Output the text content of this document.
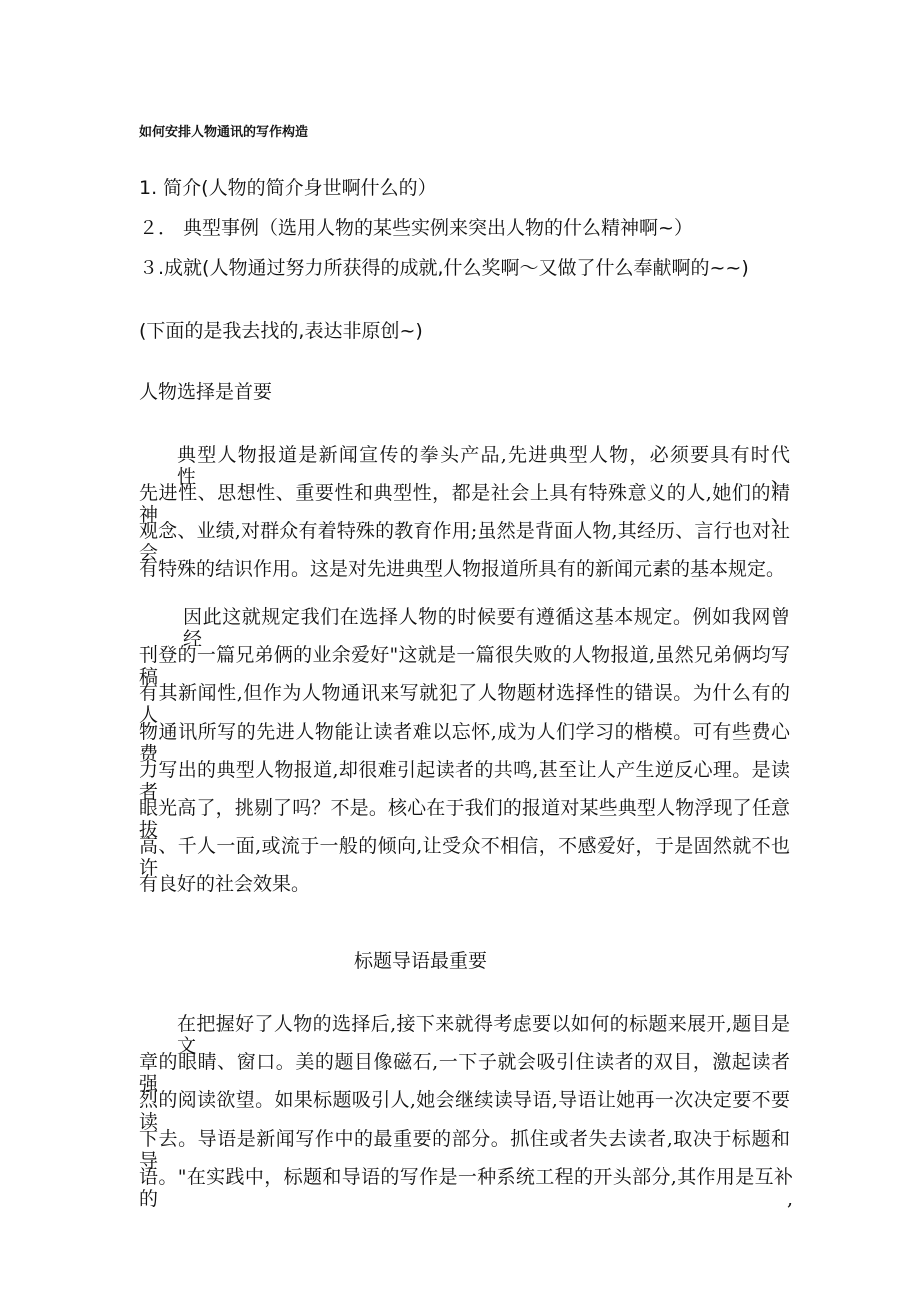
如何安排人物通讯的写作构造
1. 简介(人物的简介身世啊什么的）
２． 典型事例（选用人物的某些实例来突出人物的什么精神啊~）
３.成就(人物通过努力所获得的成就,什么奖啊～又做了什么奉献啊的~~)
(下面的是我去找的,表达非原创~)
人物选择是首要
典型人物报道是新闻宣传的拳头产品,先进典型人物，必须要具有时代性、
先进性、思想性、重要性和典型性，都是社会上具有特殊意义的人,她们的精神、
观念、业绩,对群众有着特殊的教育作用;虽然是背面人物,其经历、言行也对社会
有特殊的结识作用。这是对先进典型人物报道所具有的新闻元素的基本规定。
因此这就规定我们在选择人物的时候要有遵循这基本规定。例如我网曾经
刊登的一篇兄弟俩的业余爱好"这就是一篇很失败的人物报道,虽然兄弟俩均写稿
有其新闻性,但作为人物通讯来写就犯了人物题材选择性的错误。为什么有的人
物通讯所写的先进人物能让读者难以忘怀,成为人们学习的楷模。可有些费心费
力写出的典型人物报道,却很难引起读者的共鸣,甚至让人产生逆反心理。是读者
眼光高了，挑剔了吗？不是。核心在于我们的报道对某些典型人物浮现了任意拔
高、千人一面,或流于一般的倾向,让受众不相信，不感爱好，于是固然就不也许
有良好的社会效果。
标题导语最重要
在把握好了人物的选择后,接下来就得考虑要以如何的标题来展开,题目是文
章的眼睛、窗口。美的题目像磁石,一下子就会吸引住读者的双目，激起读者强
烈的阅读欲望。如果标题吸引人,她会继续读导语,导语让她再一次决定要不要读
下去。导语是新闻写作中的最重要的部分。抓住或者失去读者,取决于标题和导
语。"在实践中，标题和导语的写作是一种系统工程的开头部分,其作用是互补的,
